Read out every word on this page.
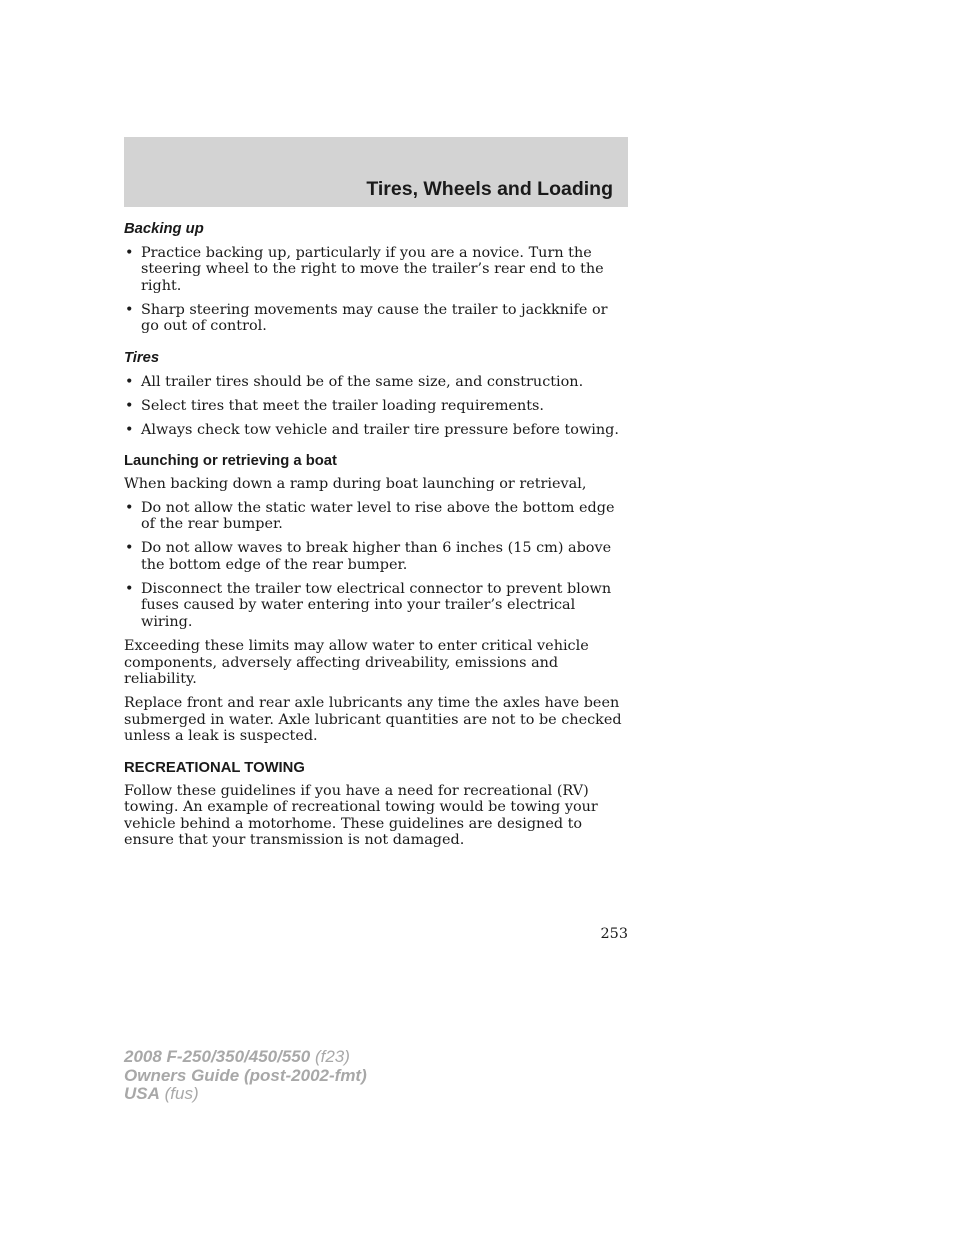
Tires, Wheels and Loading
Backing up
• Practice backing up, particularly if you are a novice. Turn the steering wheel to the right to move the trailer’s rear end to the right.
• Sharp steering movements may cause the trailer to jackknife or go out of control.
Tires
• All trailer tires should be of the same size, and construction.
• Select tires that meet the trailer loading requirements.
• Always check tow vehicle and trailer tire pressure before towing.
Launching or retrieving a boat

When backing down a ramp during boat launching or retrieval,

• Do not allow the static water level to rise above the bottom edge of the rear bumper.
• Do not allow waves to break higher than 6 inches (15 cm) above the bottom edge of the rear bumper.
• Disconnect the trailer tow electrical connector to prevent blown fuses caused by water entering into your trailer’s electrical wiring.

Exceeding these limits may allow water to enter critical vehicle components, adversely affecting driveability, emissions and reliability.

Replace front and rear axle lubricants any time the axles have been submerged in water. Axle lubricant quantities are not to be checked unless a leak is suspected.

RECREATIONAL TOWING

Follow these guidelines if you have a need for recreational (RV) towing. An example of recreational towing would be towing your vehicle behind a motorhome. These guidelines are designed to ensure that your transmission is not damaged.

253
2008 F-250/350/450/550 (f23)
Owners Guide (post-2002-fmt)
USA (fus)
